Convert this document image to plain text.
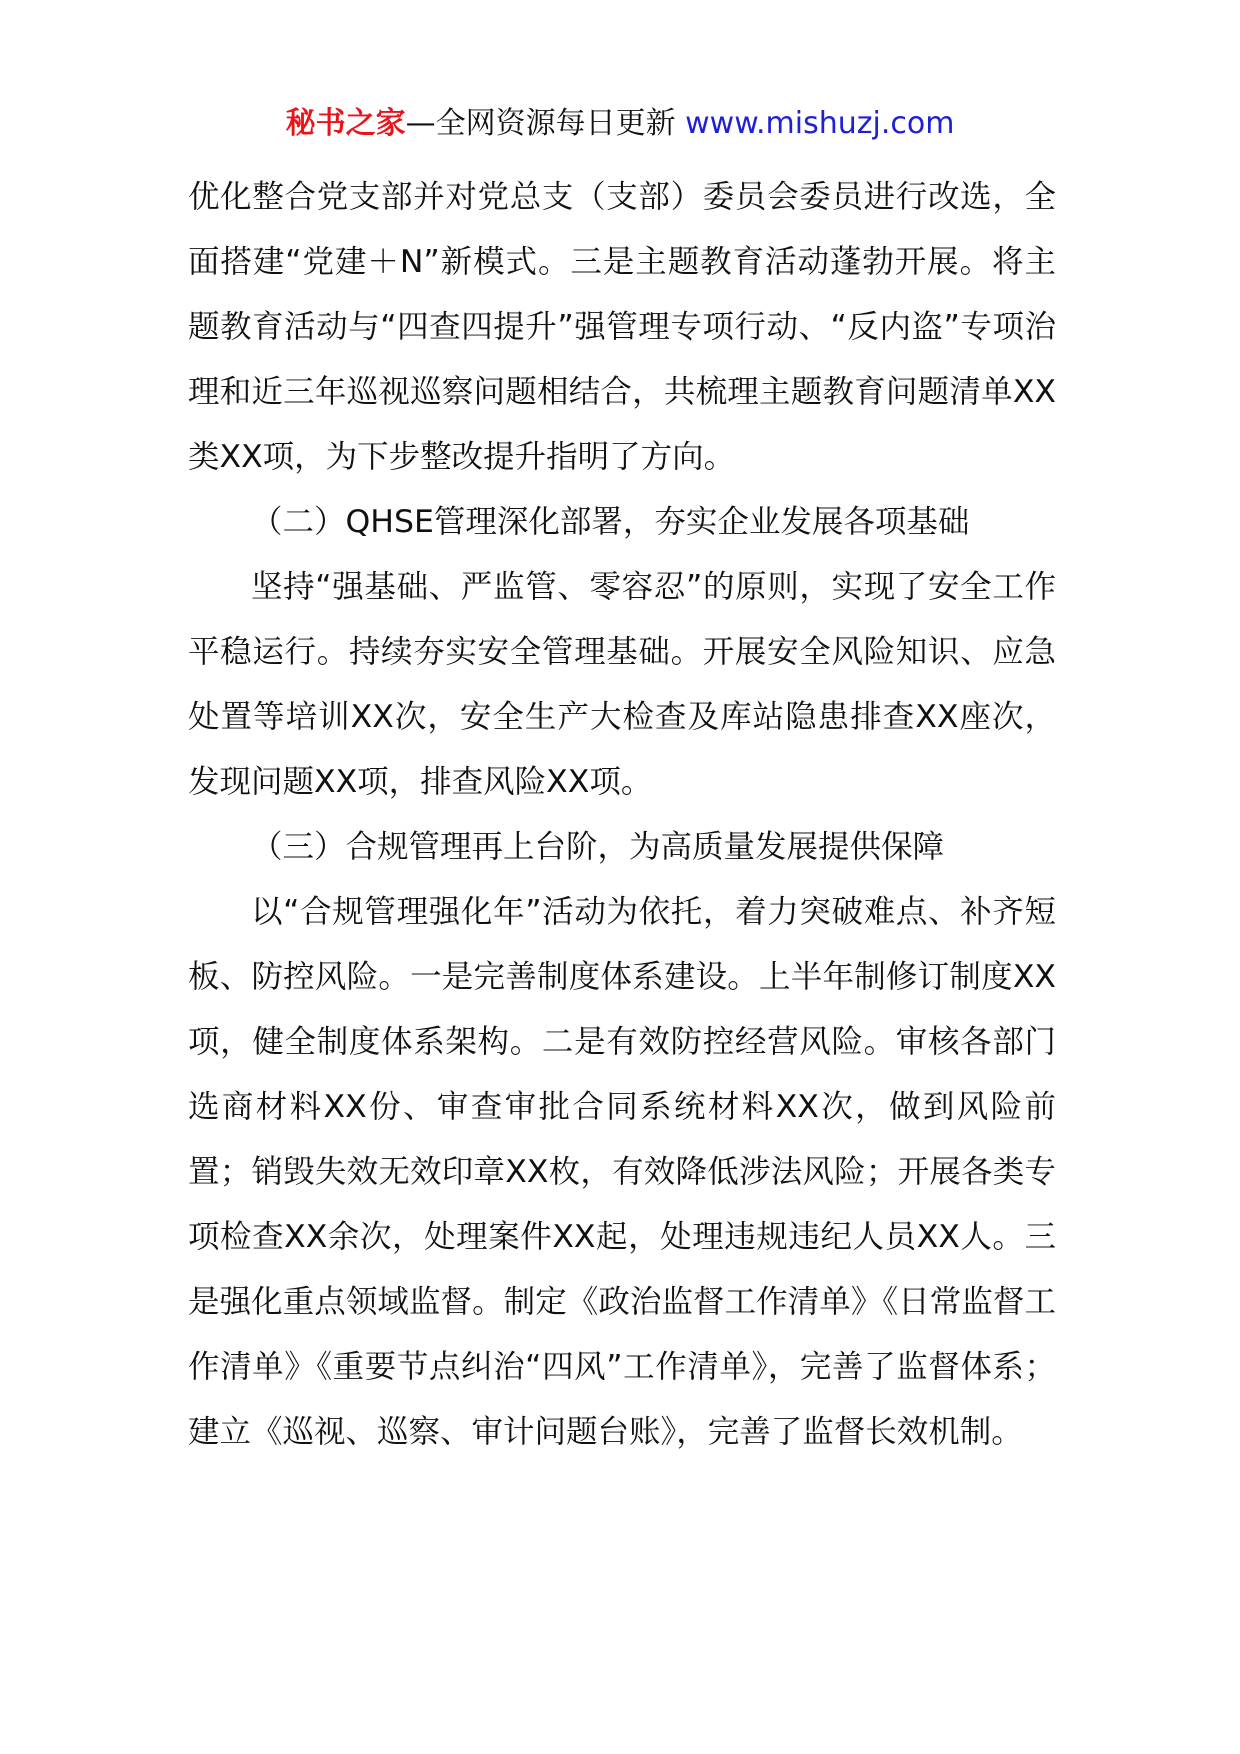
秘书之家—全网资源每日更新 www.mishuzj.com

优化整合党支部并对党总支（支部）委员会委员进行改选，全面搭建“党建＋N”新模式。三是主题教育活动蓬勃开展。将主题教育活动与“四查四提升”强管理专项行动、“反内盗”专项治理和近三年巡视巡察问题相结合，共梳理主题教育问题清单XX类XX项，为下步整改提升指明了方向。

（二）QHSE管理深化部署，夯实企业发展各项基础

坚持“强基础、严监管、零容忍”的原则，实现了安全工作平稳运行。持续夯实安全管理基础。开展安全风险知识、应急处置等培训XX次，安全生产大检查及库站隐患排查XX座次，发现问题XX项，排查风险XX项。

（三）合规管理再上台阶，为高质量发展提供保障

以“合规管理强化年”活动为依托，着力突破难点、补齐短板、防控风险。一是完善制度体系建设。上半年制修订制度XX项，健全制度体系架构。二是有效防控经营风险。审核各部门选商材料XX份、审查审批合同系统材料XX次，做到风险前置；销毁失效无效印章XX枚，有效降低涉法风险；开展各类专项检查XX余次，处理案件XX起，处理违规违纪人员XX人。三是强化重点领域监督。制定《政治监督工作清单》《日常监督工作清单》《重要节点纠治“四风”工作清单》，完善了监督体系；建立《巡视、巡察、审计问题台账》，完善了监督长效机制。
